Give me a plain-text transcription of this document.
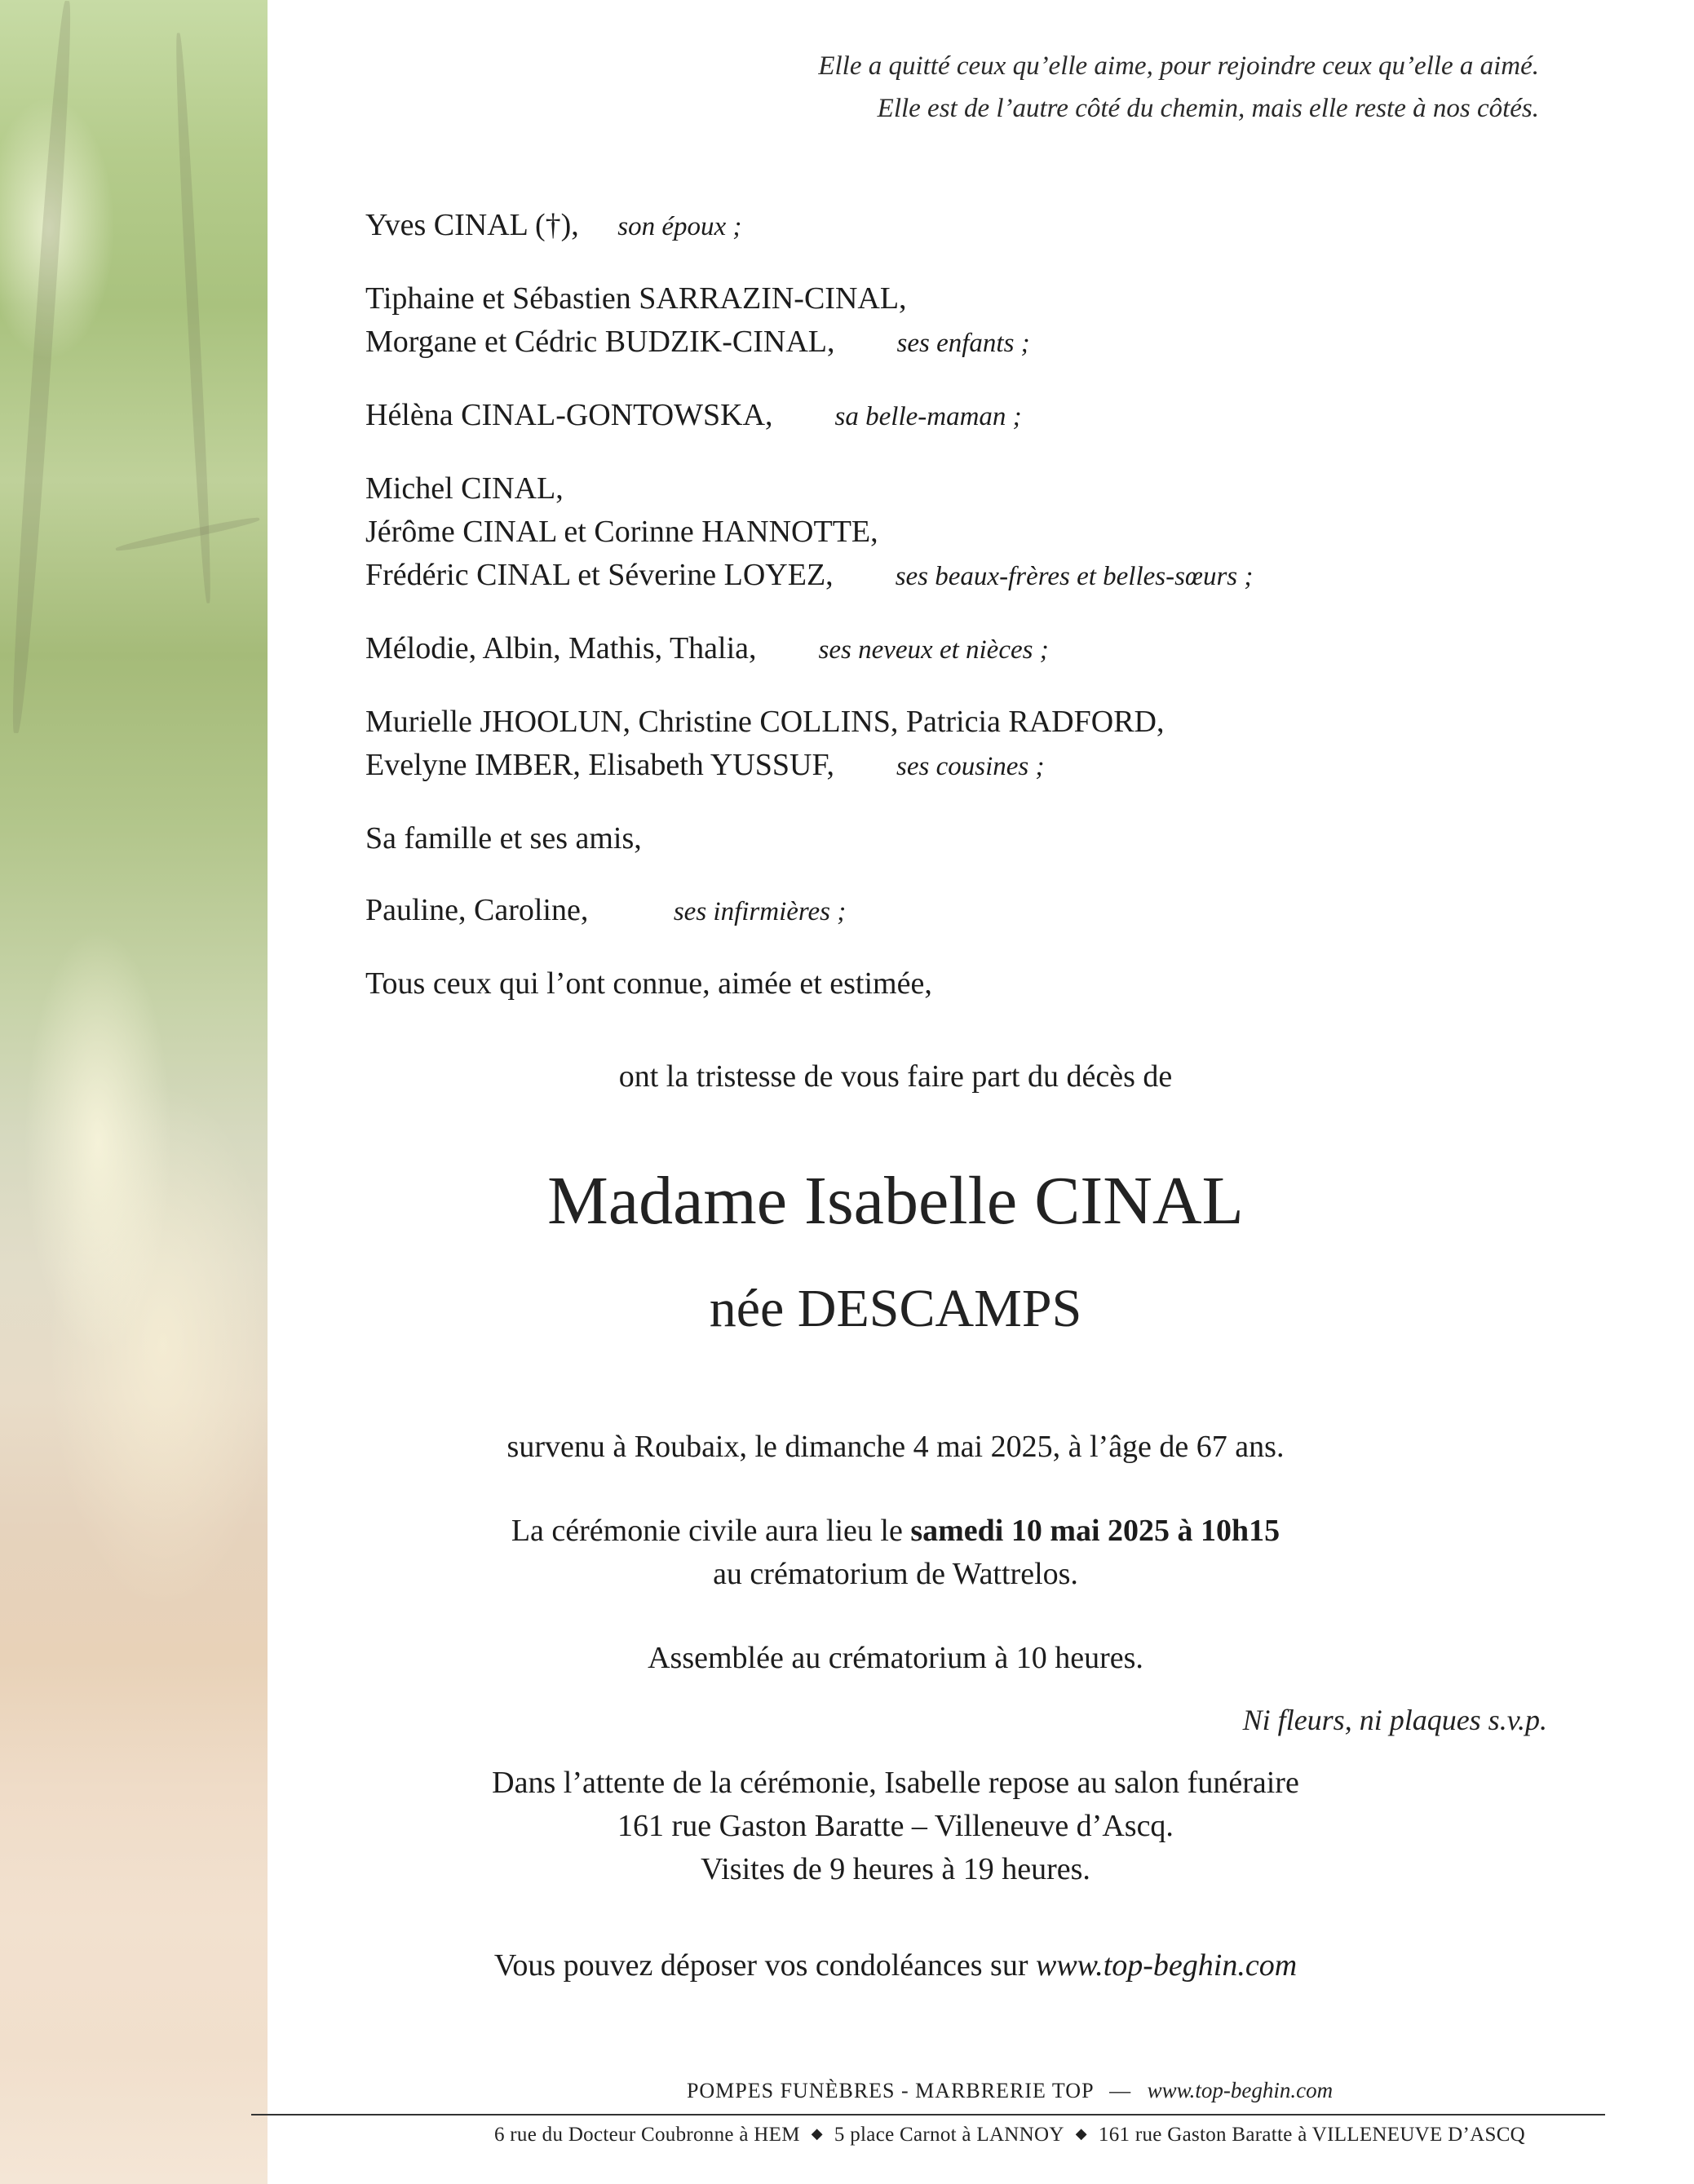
Elle a quitté ceux qu’elle aime, pour rejoindre ceux qu’elle a aimé.
Elle est de l’autre côté du chemin, mais elle reste à nos côtés.
Yves CINAL (†), son époux ;
Tiphaine et Sébastien SARRAZIN-CINAL,
Morgane et Cédric BUDZIK-CINAL, ses enfants ;
Hélèna CINAL-GONTOWSKA, sa belle-maman ;
Michel CINAL,
Jérôme CINAL et Corinne HANNOTTE,
Frédéric CINAL et Séverine LOYEZ, ses beaux-frères et belles-sœurs ;
Mélodie, Albin, Mathis, Thalia, ses neveux et nièces ;
Murielle JHOOLUN, Christine COLLINS, Patricia RADFORD,
Evelyne IMBER, Elisabeth YUSSUF, ses cousines ;
Sa famille et ses amis,
Pauline, Caroline,	ses infirmières ;
Tous ceux qui l’ont connue, aimée et estimée,
ont la tristesse de vous faire part du décès de
Madame Isabelle CINAL
née DESCAMPS
survenu à Roubaix, le dimanche 4 mai 2025, à l’âge de 67 ans.
La cérémonie civile aura lieu le samedi 10 mai 2025 à 10h15
au crématorium de Wattrelos.
Assemblée au crématorium à 10 heures.
Ni fleurs, ni plaques s.v.p.
Dans l’attente de la cérémonie, Isabelle repose au salon funéraire
161 rue Gaston Baratte – Villeneuve d’Ascq.
Visites de 9 heures à 19 heures.
Vous pouvez déposer vos condoléances sur www.top-beghin.com
POMPES FUNÈBRES - MARBRERIE TOP — www.top-beghin.com
6 rue du Docteur Coubronne à HEM ◆ 5 place Carnot à LANNOY ◆ 161 rue Gaston Baratte à VILLENEUVE D’ASCQ
